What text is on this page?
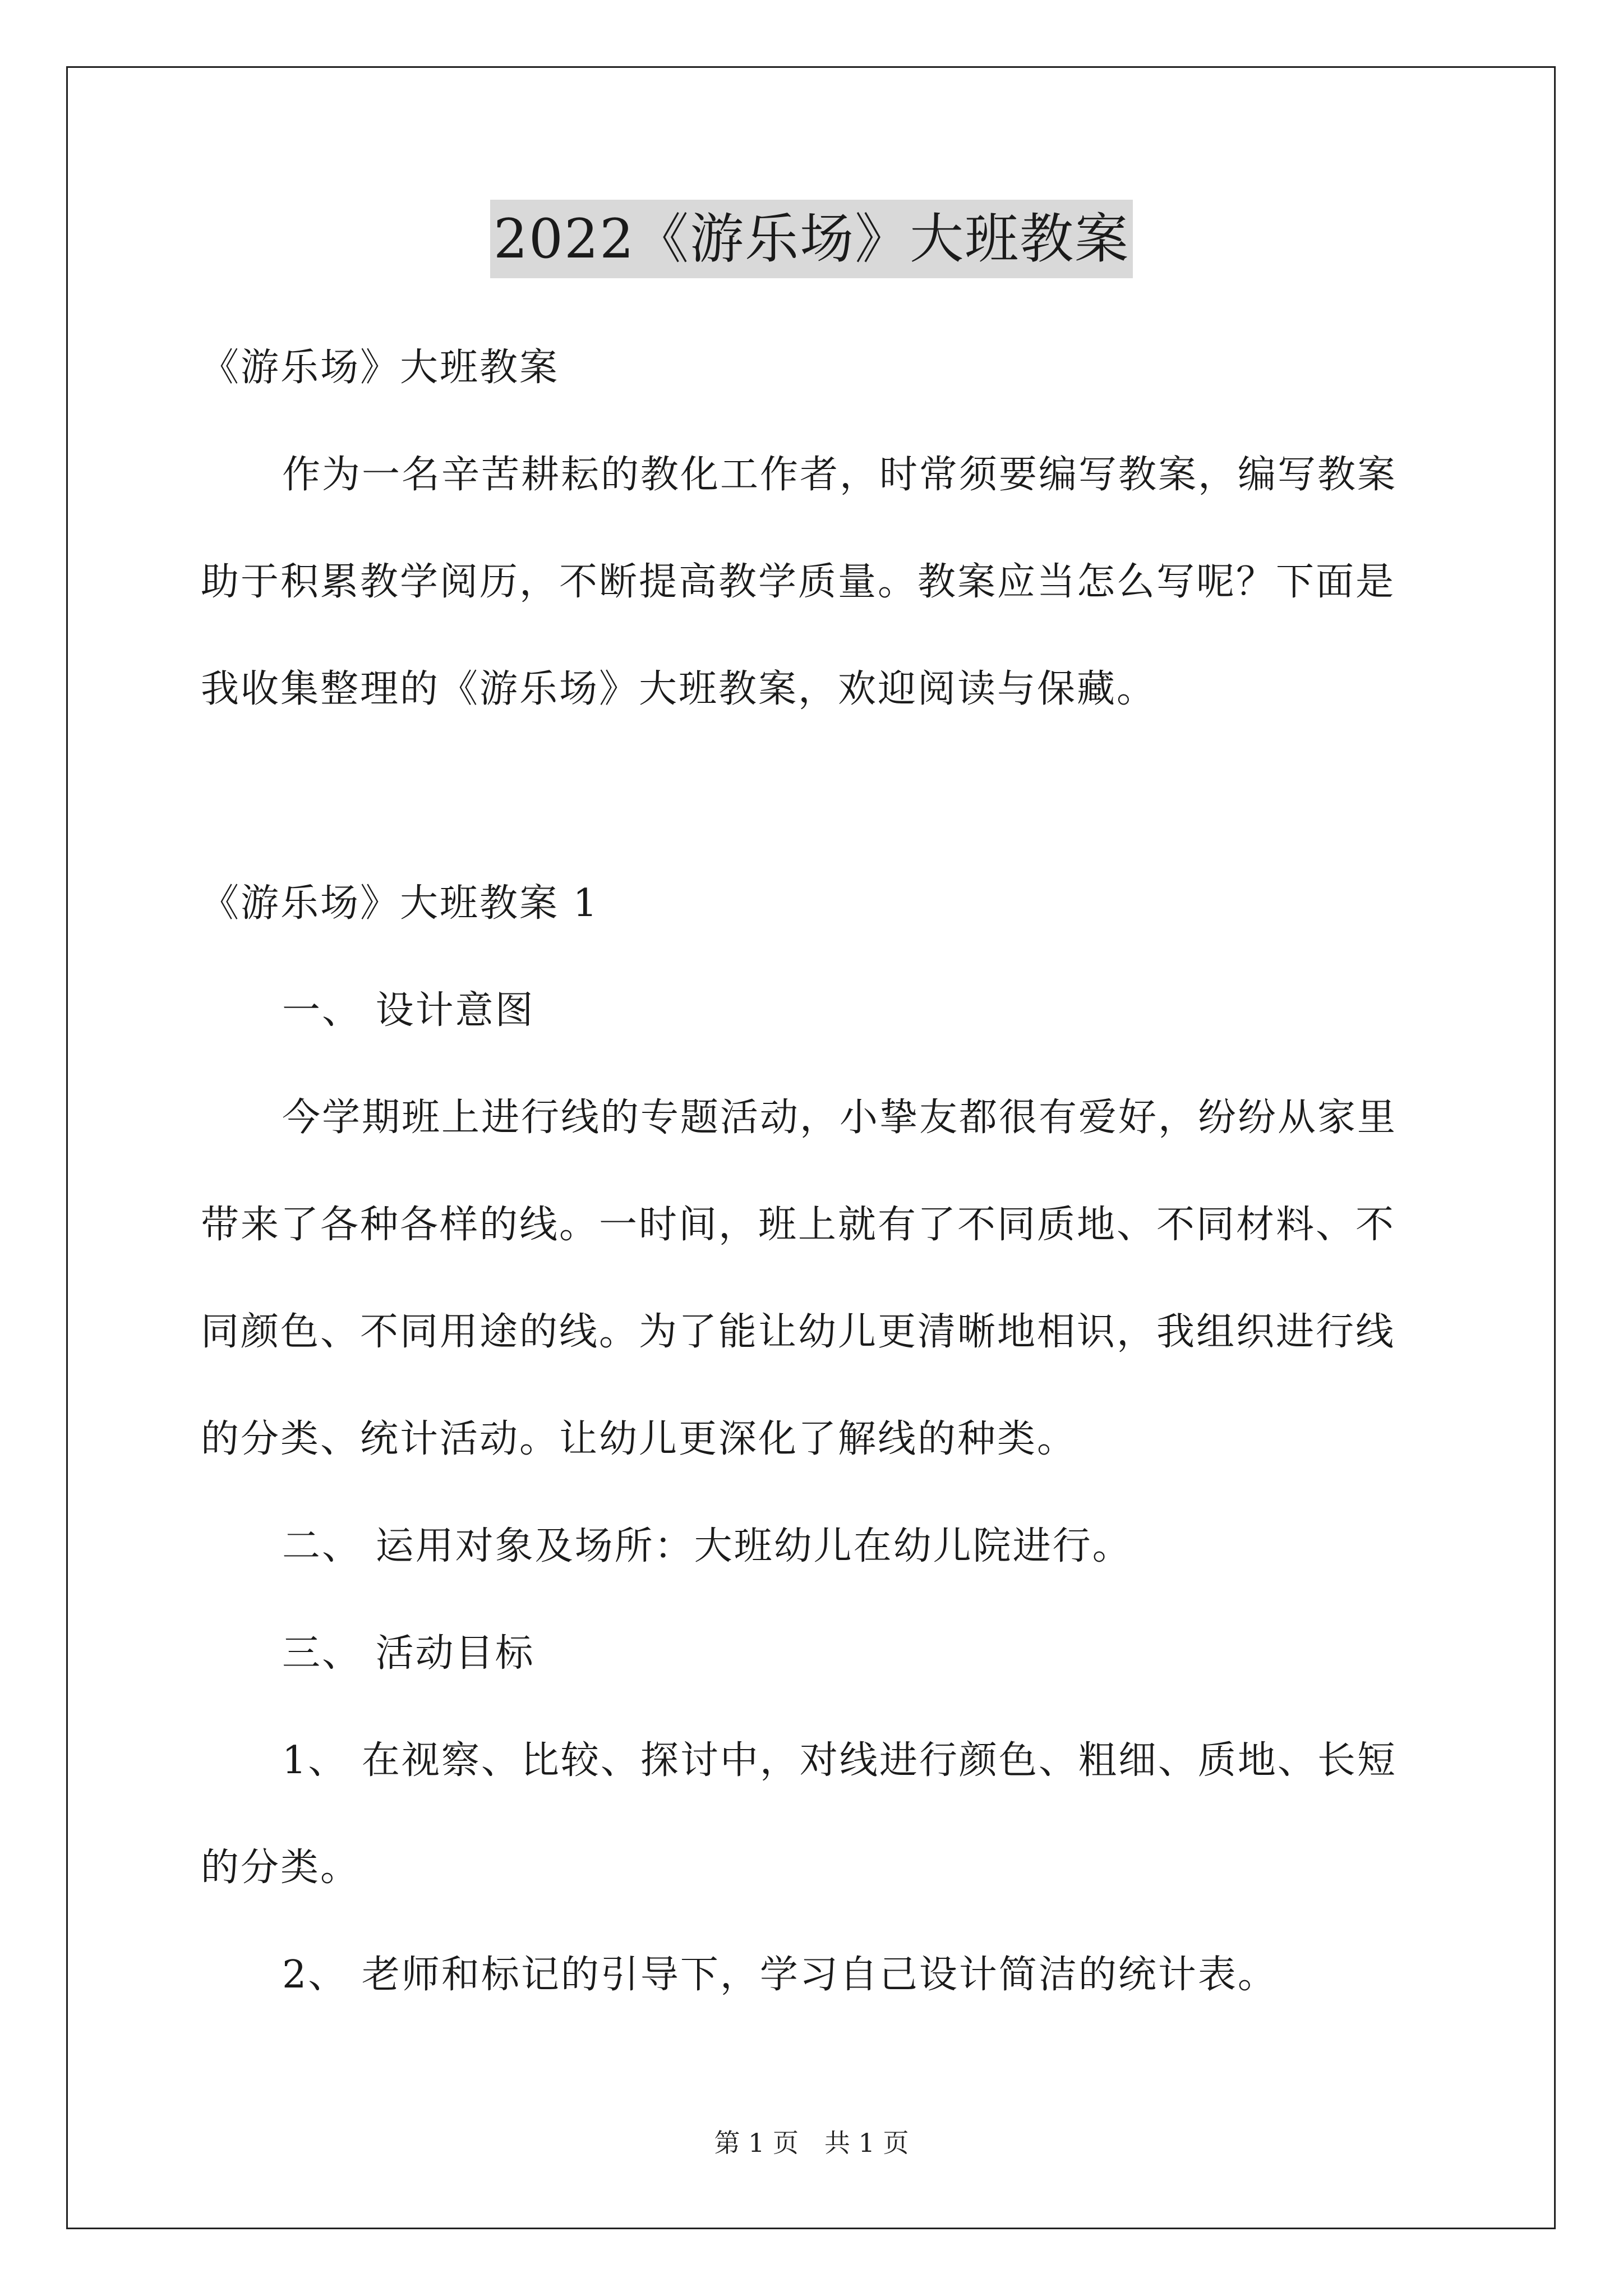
2022《游乐场》大班教案
《游乐场》大班教案
作为一名辛苦耕耘的教化工作者，时常须要编写教案，编写教案
助于积累教学阅历，不断提高教学质量。教案应当怎么写呢？下面是
我收集整理的《游乐场》大班教案，欢迎阅读与保藏。
《游乐场》大班教案 1
一、 设计意图
今学期班上进行线的专题活动，小挚友都很有爱好，纷纷从家里
带来了各种各样的线。一时间，班上就有了不同质地、不同材料、不
同颜色、不同用途的线。为了能让幼儿更清晰地相识，我组织进行线
的分类、统计活动。让幼儿更深化了解线的种类。
二、 运用对象及场所：大班幼儿在幼儿院进行。
三、 活动目标
1、 在视察、比较、探讨中，对线进行颜色、粗细、质地、长短
的分类。
2、 老师和标记的引导下，学习自己设计简洁的统计表。
第 1 页　共 1 页
